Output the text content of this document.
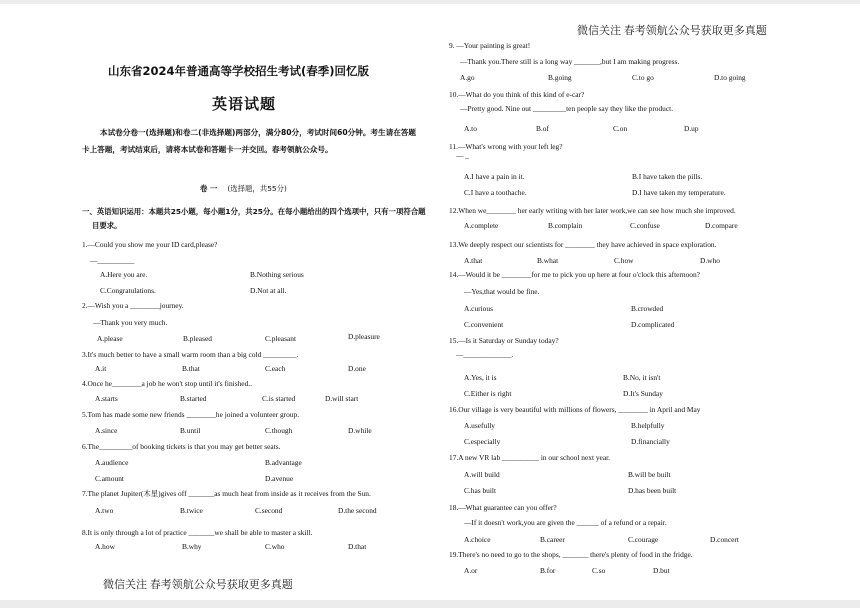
微信关注 春考领航公众号获取更多真题
微信关注 春考领航公众号获取更多真题
山东省2024年普通高等学校招生考试(春季)回忆版
英语试题
本试卷分卷一(选择题)和卷二(非选择题)两部分，满分80分，考试时间60分钟。考生请在答题卡上答题，考试结束后，请将本试卷和答题卡一并交回。春考领航公众号。
卷 一 (选择题，共55分)
一、英语知识运用：本题共25小题，每小题1分，共25分。在每小题给出的四个选项中，只有一项符合题目要求。
1.—Could you show me your ID card,please?
—__________
A.Here you are.	B.Nothing serious
C.Congratulations.	D.Not at all.
2.—Wish you a ________journey.
—Thank you very much.
A.please	B.pleased	C.pleasant	D.pleasure
3.It's much better to have a small warm room than a big cold _________.
A.it	B.that	C.each	D.one
4.Once he________a job he won't stop until it's finished..
A.starts	B.started	C.is started	D.will start
5.Tom has made some new friends ________he joined a volunteer group.
A.since	B.until	C.though	D.while
6.The_________of booking tickets is that you may get better seats.
A.audience	B.advantage
C.amount	D.avenue
7.The planet Jupiter(木星)gives off _______as much heat from inside as it receives from the Sun.
A.two	B.twice	C.second	D.the second
8.It is only through a lot of practice _______we shall be able to master a skill.
A.how	B.why	C.who	D.that
9. —Your painting is great!
—Thank you.There still is a long way _______,but I am making progress.
A.go	B.going	C.to go	D.to going
10.—What do you think of this kind of e-car?
—Pretty good. Nine out _________ten people say they like the product.
A.to	B.of	C.on	D.up
11.—What's wrong with your left leg?
— _
A.I have a pain in it.	B.I have taken the pills.
C.I have a toothache.	D.I have taken my temperature.
12.When we________ her early writing with her later work,we can see how much she improved.
A.complete	B.complain	C.confuse	D.compare
13.We deeply respect our scientists for ________ they have achieved in space exploration.
A.that	B.what	C.how	D.who
14.—Would it be ________for me to pick you up here at four o'clock this afternoon?
—Yes,that would be fine.
A.curious	B.crowded
C.convenient	D.complicated
15.—Is it Saturday or Sunday today?
—_____________.
A.Yes, it is	B.No, it isn't
C.Either is right	D.It's Sunday
16.Our village is very beautiful with millions of flowers, ________ in April and May
A.usefully	B.helpfully
C.especially	D.financially
17.A new VR lab __________ in our school next year.
A.will build	B.will be built
C.has built	D.has been built
18.—What guarantee can you offer?
—If it doesn't work,you are given the ______ of a refund or a repair.
A.choice	B.career	C.courage	D.concert
19.There's no need to go to the shops, _______ there's plenty of food in the fridge.
A.or	B.for	C.so	D.but
